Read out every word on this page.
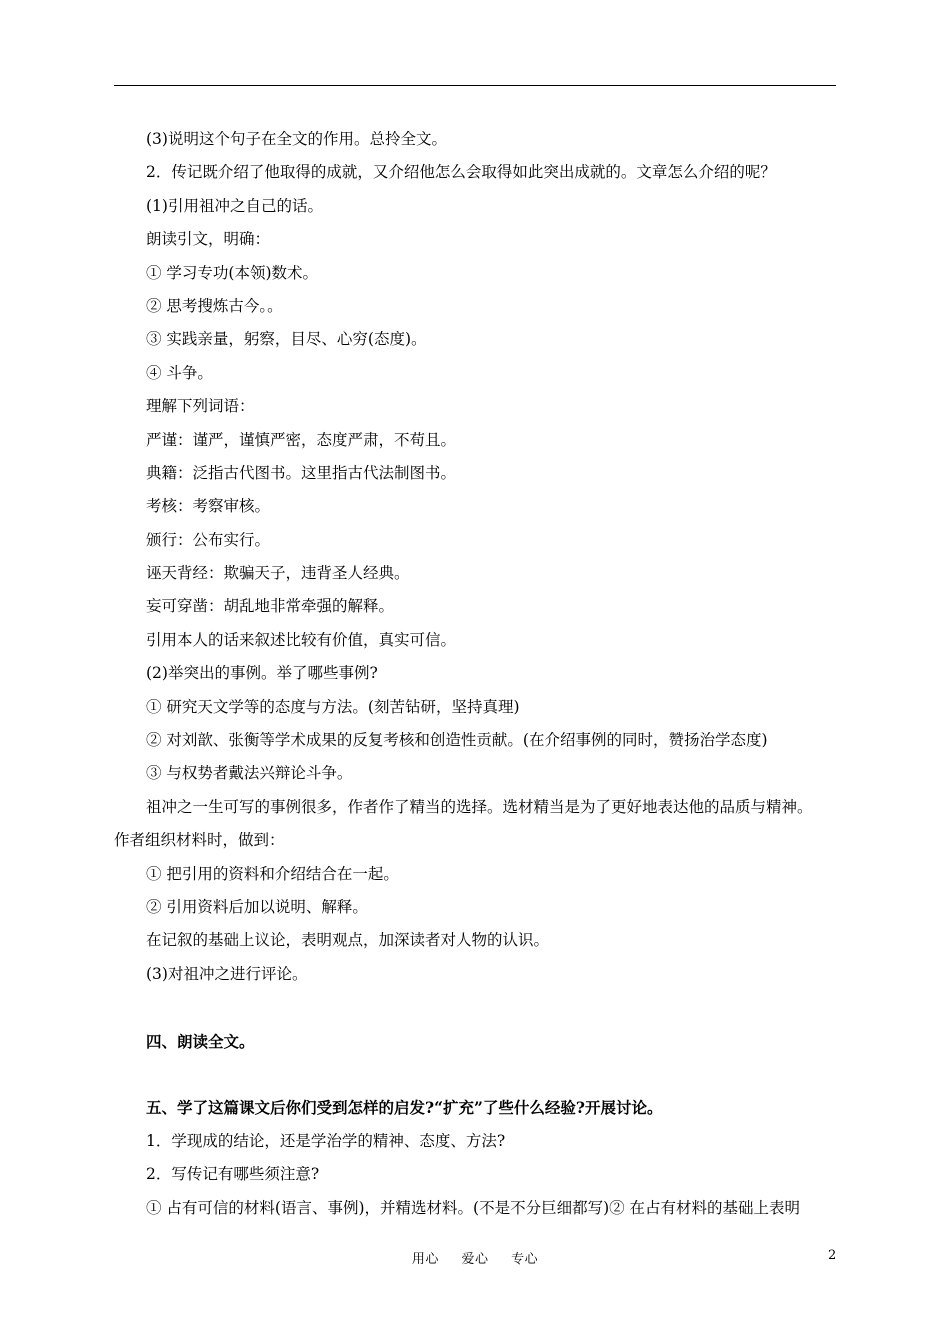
(3)说明这个句子在全文的作用。总拎全文。
2．传记既介绍了他取得的成就，又介绍他怎么会取得如此突出成就的。文章怎么介绍的呢？
(1)引用祖冲之自己的话。
朗读引文，明确：
① 学习专功(本领)数术。
② 思考搜炼古今。。
③ 实践亲量，躬察，目尽、心穷(态度)。
④ 斗争。
理解下列词语：
严谨：谨严，谨慎严密，态度严肃，不苟且。
典籍：泛指古代图书。这里指古代法制图书。
考核：考察审核。
颁行：公布实行。
诬天背经：欺骗天子，违背圣人经典。
妄可穿凿：胡乱地非常牵强的解释。
引用本人的话来叙述比较有价值，真实可信。
(2)举突出的事例。举了哪些事例?
① 研究天文学等的态度与方法。(刻苦钻研，坚持真理)
② 对刘歆、张衡等学术成果的反复考核和创造性贡献。(在介绍事例的同时，赞扬治学态度)
③ 与权势者戴法兴辩论斗争。
祖冲之一生可写的事例很多，作者作了精当的选择。选材精当是为了更好地表达他的品质与精神。
作者组织材料时，做到：
① 把引用的资料和介绍结合在一起。
② 引用资料后加以说明、解释。
在记叙的基础上议论，表明观点，加深读者对人物的认识。
(3)对祖冲之进行评论。
四、朗读全文。
五、学了这篇课文后你们受到怎样的启发?“扩充”了些什么经验?开展讨论。
1．学现成的结论，还是学治学的精神、态度、方法?
2．写传记有哪些须注意?
① 占有可信的材料(语言、事例)，并精选材料。(不是不分巨细都写)② 在占有材料的基础上表明
用心 爱心 专心	2
